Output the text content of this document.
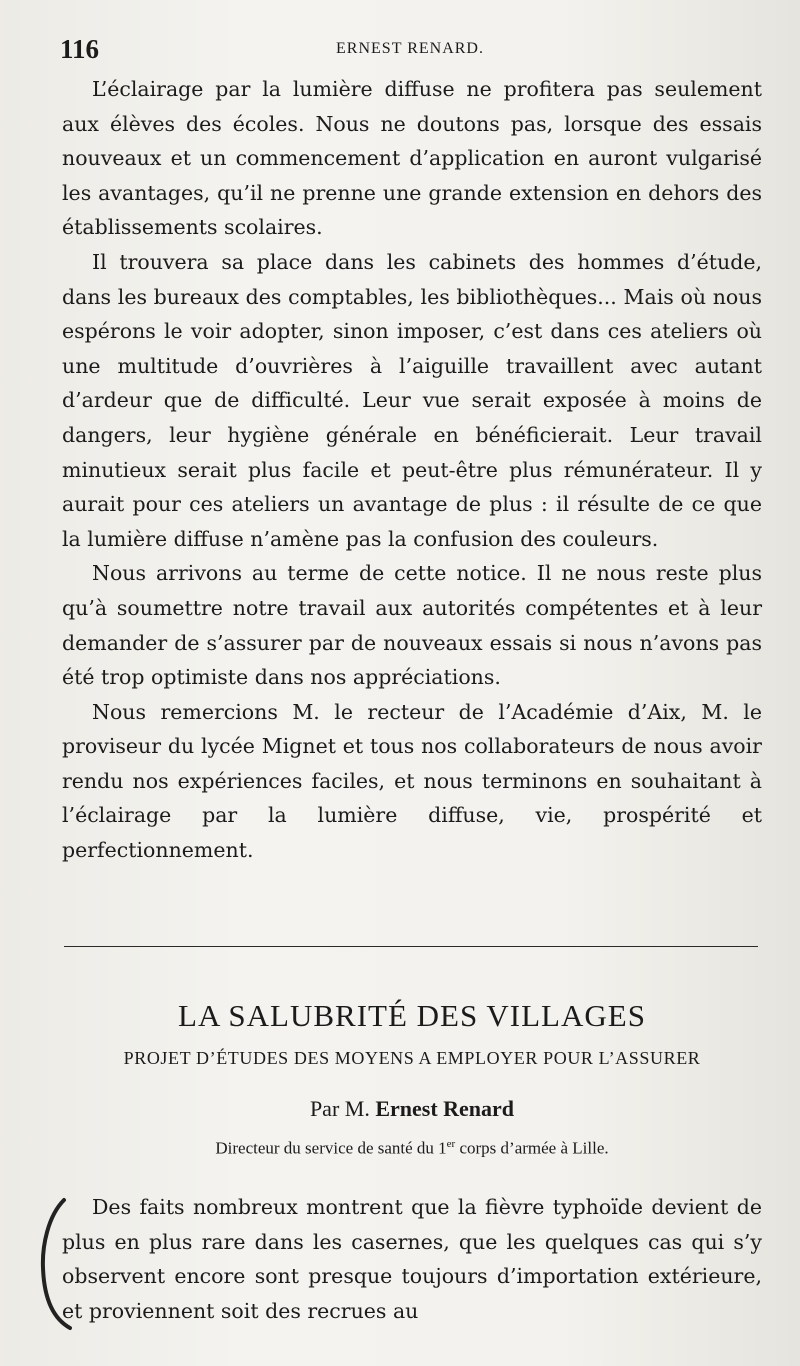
116	ERNEST RENARD.

L’éclairage par la lumière diffuse ne profitera pas seulement aux élèves des écoles. Nous ne doutons pas, lorsque des essais nouveaux et un commencement d’application en auront vulgarisé les avantages, qu’il ne prenne une grande extension en dehors des établissements scolaires.

Il trouvera sa place dans les cabinets des hommes d’étude, dans les bureaux des comptables, les bibliothèques... Mais où nous espérons le voir adopter, sinon imposer, c’est dans ces ateliers où une multitude d’ouvrières à l’aiguille travaillent avec autant d’ardeur que de difficulté. Leur vue serait exposée à moins de dangers, leur hygiène générale en bénéficierait. Leur travail minutieux serait plus facile et peut-être plus rémunérateur. Il y aurait pour ces ateliers un avantage de plus : il résulte de ce que la lumière diffuse n’amène pas la confusion des couleurs.

Nous arrivons au terme de cette notice. Il ne nous reste plus qu’à soumettre notre travail aux autorités compétentes et à leur demander de s’assurer par de nouveaux essais si nous n’avons pas été trop optimiste dans nos appréciations.

Nous remercions M. le recteur de l’Académie d’Aix, M. le proviseur du lycée Mignet et tous nos collaborateurs de nous avoir rendu nos expériences faciles, et nous terminons en souhaitant à l’éclairage par la lumière diffuse, vie, prospérité et perfectionnement.

LA SALUBRITÉ DES VILLAGES
PROJET D’ÉTUDES DES MOYENS A EMPLOYER POUR L’ASSURER
Par M. Ernest Renard
Directeur du service de santé du 1er corps d’armée à Lille.

Des faits nombreux montrent que la fièvre typhoïde devient de plus en plus rare dans les casernes, que les quelques cas qui s’y observent encore sont presque toujours d’importation extérieure, et proviennent soit des recrues au
